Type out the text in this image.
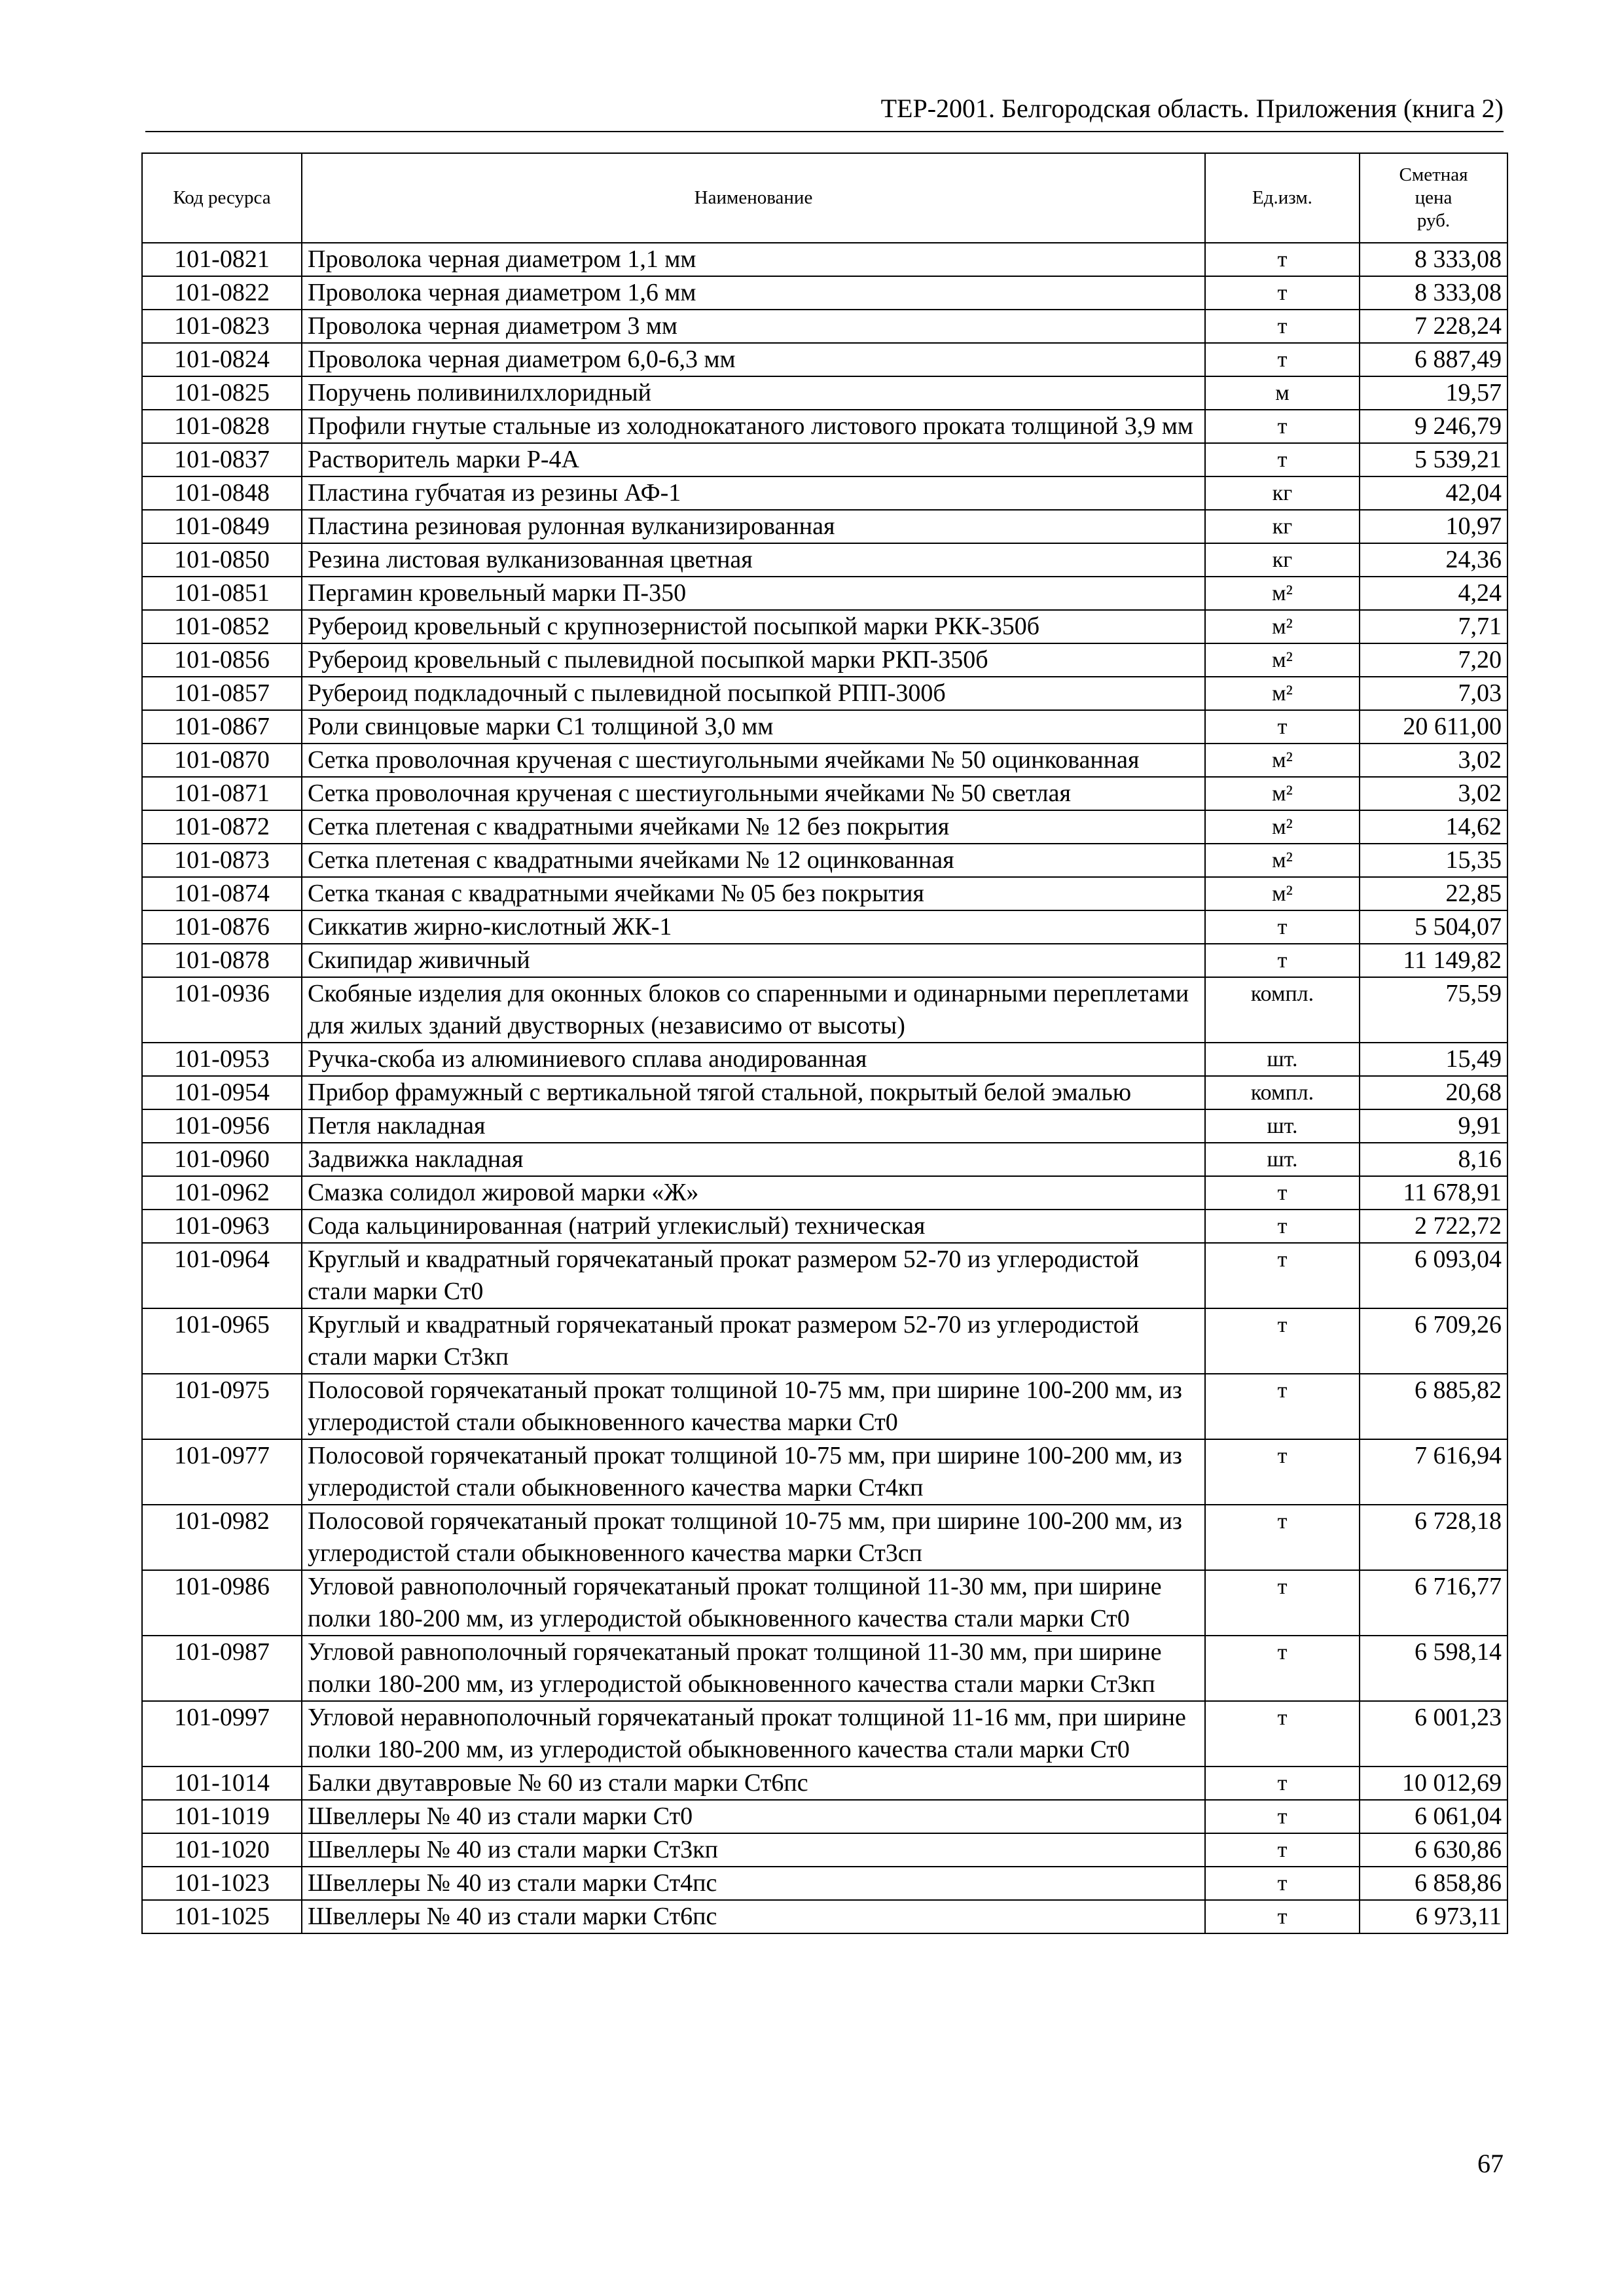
ТЕР-2001. Белгородская область. Приложения (книга 2)
Код ресурса	Наименование	Ед.изм.	Сметная
цена
руб.

101-0821	Проволока черная диаметром 1,1 мм	т	8 333,08
101-0822	Проволока черная диаметром 1,6 мм	т	8 333,08
101-0823	Проволока черная диаметром 3 мм	т	7 228,24
101-0824	Проволока черная диаметром 6,0-6,3 мм	т	6 887,49
101-0825	Поручень поливинилхлоридный	м	19,57
101-0828	Профили гнутые стальные из холоднокатаного листового проката толщиной 3,9 мм	т	9 246,79
101-0837	Растворитель марки Р-4А	т	5 539,21
101-0848	Пластина губчатая из резины АФ-1	кг	42,04
101-0849	Пластина резиновая рулонная вулканизированная	кг	10,97
101-0850	Резина листовая вулканизованная цветная	кг	24,36
101-0851	Пергамин кровельный марки П-350	м²	4,24
101-0852	Рубероид кровельный с крупнозернистой посыпкой марки РКК-350б	м²	7,71
101-0856	Рубероид кровельный с пылевидной посыпкой марки РКП-350б	м²	7,20
101-0857	Рубероид подкладочный с пылевидной посыпкой РПП-300б	м²	7,03
101-0867	Роли свинцовые марки С1 толщиной 3,0 мм	т	20 611,00
101-0870	Сетка проволочная крученая с шестиугольными ячейками № 50 оцинкованная	м²	3,02
101-0871	Сетка проволочная крученая с шестиугольными ячейками № 50 светлая	м²	3,02
101-0872	Сетка плетеная с квадратными ячейками № 12 без покрытия	м²	14,62
101-0873	Сетка плетеная с квадратными ячейками № 12 оцинкованная	м²	15,35
101-0874	Сетка тканая с квадратными ячейками № 05 без покрытия	м²	22,85
101-0876	Сиккатив жирно-кислотный ЖК-1	т	5 504,07
101-0878	Скипидар живичный	т	11 149,82
101-0936	Скобяные изделия для оконных блоков со спаренными и одинарными переплетами для жилых зданий двустворных (независимо от высоты)	компл.	75,59
101-0953	Ручка-скоба из алюминиевого сплава анодированная	шт.	15,49
101-0954	Прибор фрамужный с вертикальной тягой стальной, покрытый белой эмалью	компл.	20,68
101-0956	Петля накладная	шт.	9,91
101-0960	Задвижка накладная	шт.	8,16
101-0962	Смазка солидол жировой марки «Ж»	т	11 678,91
101-0963	Сода кальцинированная (натрий углекислый) техническая	т	2 722,72
101-0964	Круглый и квадратный горячекатаный прокат размером 52-70 из углеродистой стали марки Ст0	т	6 093,04
101-0965	Круглый и квадратный горячекатаный прокат размером 52-70 из углеродистой стали марки Ст3кп	т	6 709,26
101-0975	Полосовой горячекатаный прокат толщиной 10-75 мм, при ширине 100-200 мм, из углеродистой стали обыкновенного качества марки Ст0	т	6 885,82
101-0977	Полосовой горячекатаный прокат толщиной 10-75 мм, при ширине 100-200 мм, из углеродистой стали обыкновенного качества марки Ст4кп	т	7 616,94
101-0982	Полосовой горячекатаный прокат толщиной 10-75 мм, при ширине 100-200 мм, из углеродистой стали обыкновенного качества марки Ст3сп	т	6 728,18
101-0986	Угловой равнополочный горячекатаный прокат толщиной 11-30 мм, при ширине полки 180-200 мм, из углеродистой обыкновенного качества стали марки Ст0	т	6 716,77
101-0987	Угловой равнополочный горячекатаный прокат толщиной 11-30 мм, при ширине полки 180-200 мм, из углеродистой обыкновенного качества стали марки Ст3кп	т	6 598,14
101-0997	Угловой неравнополочный горячекатаный прокат толщиной 11-16 мм, при ширине полки 180-200 мм, из углеродистой обыкновенного качества стали марки Ст0	т	6 001,23
101-1014	Балки двутавровые № 60 из стали марки Ст6пс	т	10 012,69
101-1019	Швеллеры № 40 из стали марки Ст0	т	6 061,04
101-1020	Швеллеры № 40 из стали марки Ст3кп	т	6 630,86
101-1023	Швеллеры № 40 из стали марки Ст4пс	т	6 858,86
101-1025	Швеллеры № 40 из стали марки Ст6пс	т	6 973,11
67
